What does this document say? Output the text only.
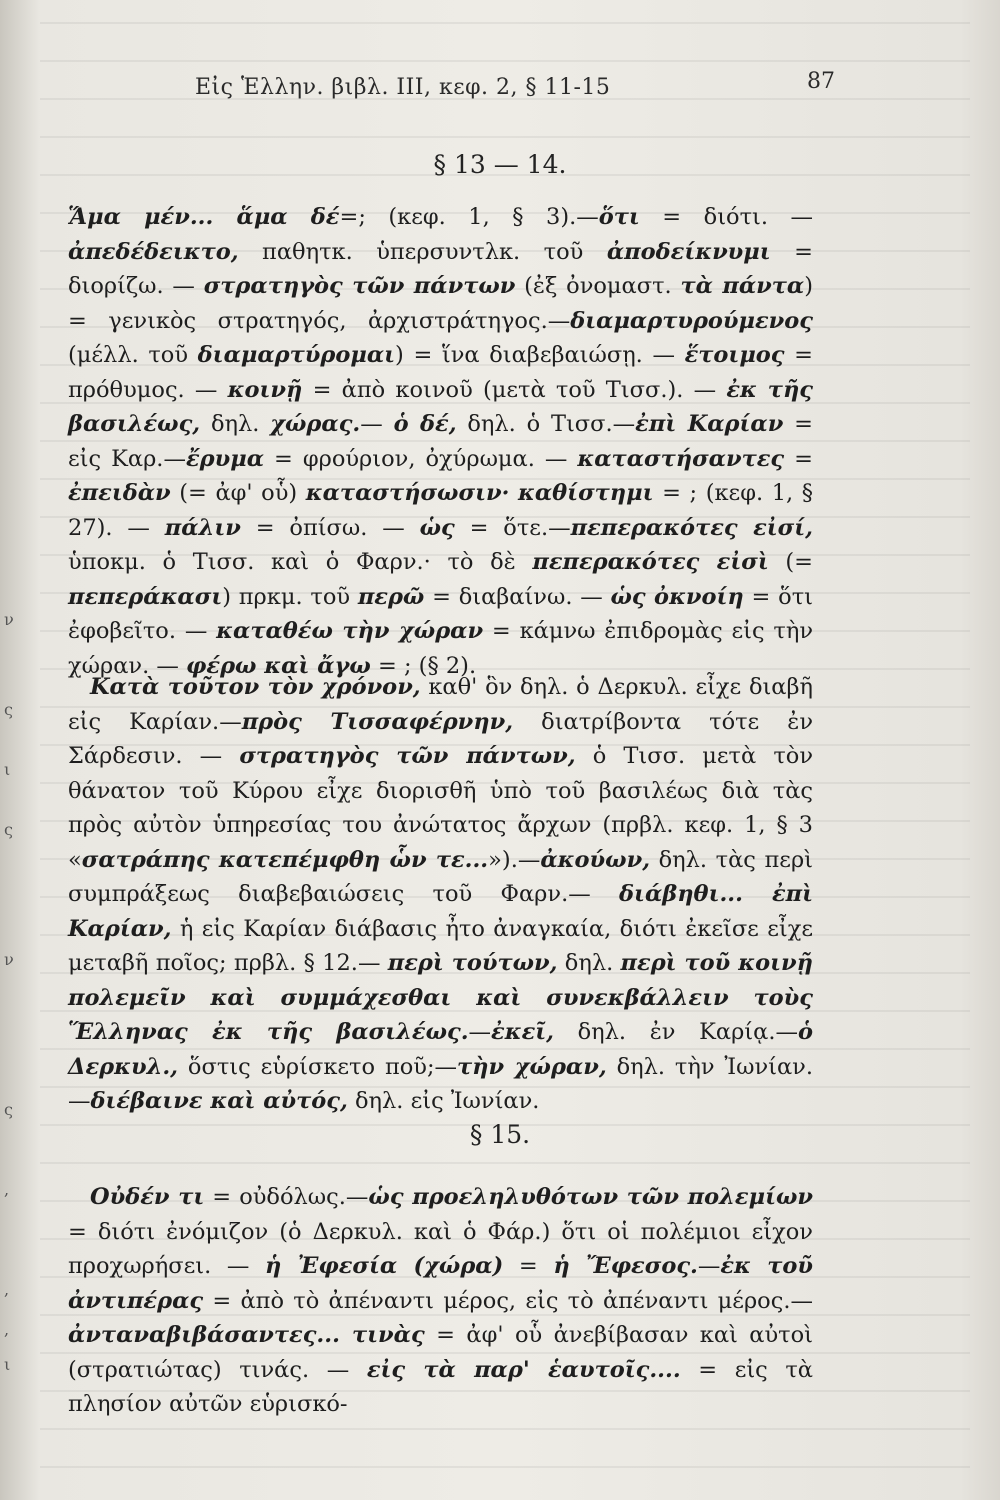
ν
ς
ι
ς
ν
ς
,
,
,
ι
Εἰς Ἑλλην. βιβλ. III, κεφ. 2, § 11-15	87
§ 13 — 14.

Ἅμα μέν... ἅμα δέ=; (κεφ. 1, § 3).—ὅτι = διότι. — ἀπεδέδεικτο, παθητκ. ὑπερσυντλκ. τοῦ ἀποδείκνυμι = διορίζω. — στρατηγὸς τῶν πάντων (ἐξ ὀνομαστ. τὰ πάντα) = γενικὸς στρατηγός, ἀρχιστράτηγος.—διαμαρτυρούμενος (μέλλ. τοῦ διαμαρτύρομαι) = ἵνα διαβεβαιώσῃ. — ἕτοιμος = πρόθυμος. — κοινῇ = ἀπὸ κοινοῦ (μετὰ τοῦ Τισσ.). — ἐκ τῆς βασιλέως, δηλ. χώρας.— ὁ δέ, δηλ. ὁ Τισσ.—ἐπὶ Καρίαν = εἰς Καρ.—ἔρυμα = φρούριον, ὀχύρωμα. — καταστήσαντες = ἐπειδὰν (= ἀφ' οὗ) καταστήσωσιν· καθίστημι = ; (κεφ. 1, § 27). — πάλιν = ὀπίσω. — ὡς = ὅτε.—πεπερακότες εἰσί, ὑποκμ. ὁ Τισσ. καὶ ὁ Φαρν.· τὸ δὲ πεπερακότες εἰσὶ (= πεπεράκασι) πρκμ. τοῦ περῶ = διαβαίνω. — ὡς ὀκνοίη = ὅτι ἐφοβεῖτο. — καταθέω τὴν χώραν = κάμνω ἐπιδρομὰς εἰς τὴν χώραν. — φέρω καὶ ἄγω = ; (§ 2).

Κατὰ τοῦτον τὸν χρόνον, καθ' ὃν δηλ. ὁ Δερκυλ. εἶχε διαβῆ εἰς Καρίαν.—πρὸς Τισσαφέρνην, διατρίβοντα τότε ἐν Σάρδεσιν. — στρατηγὸς τῶν πάντων, ὁ Τισσ. μετὰ τὸν θάνατον τοῦ Κύρου εἶχε διορισθῆ ὑπὸ τοῦ βασιλέως διὰ τὰς πρὸς αὐτὸν ὑπηρεσίας του ἀνώτατος ἄρχων (πρβλ. κεφ. 1, § 3 «σατράπης κατεπέμφθη ὧν τε...»).—ἀκούων, δηλ. τὰς περὶ συμπράξεως διαβεβαιώσεις τοῦ Φαρν.— διάβηθι... ἐπὶ Καρίαν, ἡ εἰς Καρίαν διάβασις ἦτο ἀναγκαία, διότι ἐκεῖσε εἶχε μεταβῆ ποῖος; πρβλ. § 12.— περὶ τούτων, δηλ. περὶ τοῦ κοινῇ πολεμεῖν καὶ συμμάχεσθαι καὶ συνεκβάλλειν τοὺς Ἕλληνας ἐκ τῆς βασιλέως.—ἐκεῖ, δηλ. ἐν Καρίᾳ.—ὁ Δερκυλ., ὅστις εὑρίσκετο ποῦ;—τὴν χώραν, δηλ. τὴν Ἰωνίαν. —διέβαινε καὶ αὐτός, δηλ. εἰς Ἰωνίαν.

§ 15.

Οὐδέν τι = οὐδόλως.—ὡς προεληλυθότων τῶν πολεμίων = διότι ἐνόμιζον (ὁ Δερκυλ. καὶ ὁ Φάρ.) ὅτι οἱ πολέμιοι εἶχον προχωρήσει. — ἡ Ἐφεσία (χώρα) = ἡ Ἔφεσος.—ἐκ τοῦ ἀντιπέρας = ἀπὸ τὸ ἀπέναντι μέρος, εἰς τὸ ἀπέναντι μέρος.—ἀνταναβιβάσαντες... τινὰς = ἀφ' οὗ ἀνεβίβασαν καὶ αὐτοὶ (στρατιώτας) τινάς. — εἰς τὰ παρ' ἑαυτοῖς.... = εἰς τὰ πλησίον αὐτῶν εὑρισκό-
